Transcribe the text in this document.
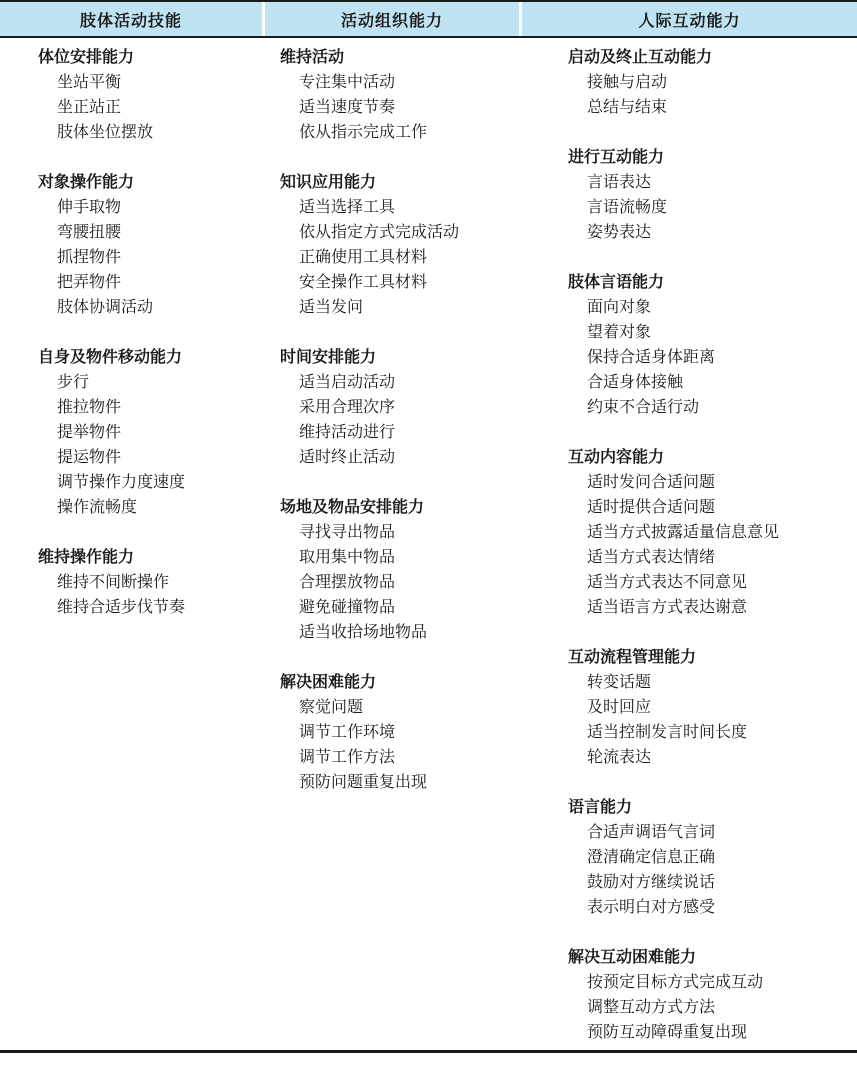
肢体活动技能	活动组织能力	人际互动能力
体位安排能力
坐站平衡
坐正站正
肢体坐位摆放
对象操作能力
伸手取物
弯腰扭腰
抓捏物件
把弄物件
肢体协调活动
自身及物件移动能力
步行
推拉物件
提举物件
提运物件
调节操作力度速度
操作流畅度
维持操作能力
维持不间断操作
维持合适步伐节奏
维持活动
专注集中活动
适当速度节奏
依从指示完成工作
知识应用能力
适当选择工具
依从指定方式完成活动
正确使用工具材料
安全操作工具材料
适当发问
时间安排能力
适当启动活动
采用合理次序
维持活动进行
适时终止活动
场地及物品安排能力
寻找寻出物品
取用集中物品
合理摆放物品
避免碰撞物品
适当收拾场地物品
解决困难能力
察觉问题
调节工作环境
调节工作方法
预防问题重复出现
启动及终止互动能力
接触与启动
总结与结束
进行互动能力
言语表达
言语流畅度
姿势表达
肢体言语能力
面向对象
望着对象
保持合适身体距离
合适身体接触
约束不合适行动
互动内容能力
适时发问合适问题
适时提供合适问题
适当方式披露适量信息意见
适当方式表达情绪
适当方式表达不同意见
适当语言方式表达谢意
互动流程管理能力
转变话题
及时回应
适当控制发言时间长度
轮流表达
语言能力
合适声调语气言词
澄清确定信息正确
鼓励对方继续说话
表示明白对方感受
解决互动困难能力
按预定目标方式完成互动
调整互动方式方法
预防互动障碍重复出现
